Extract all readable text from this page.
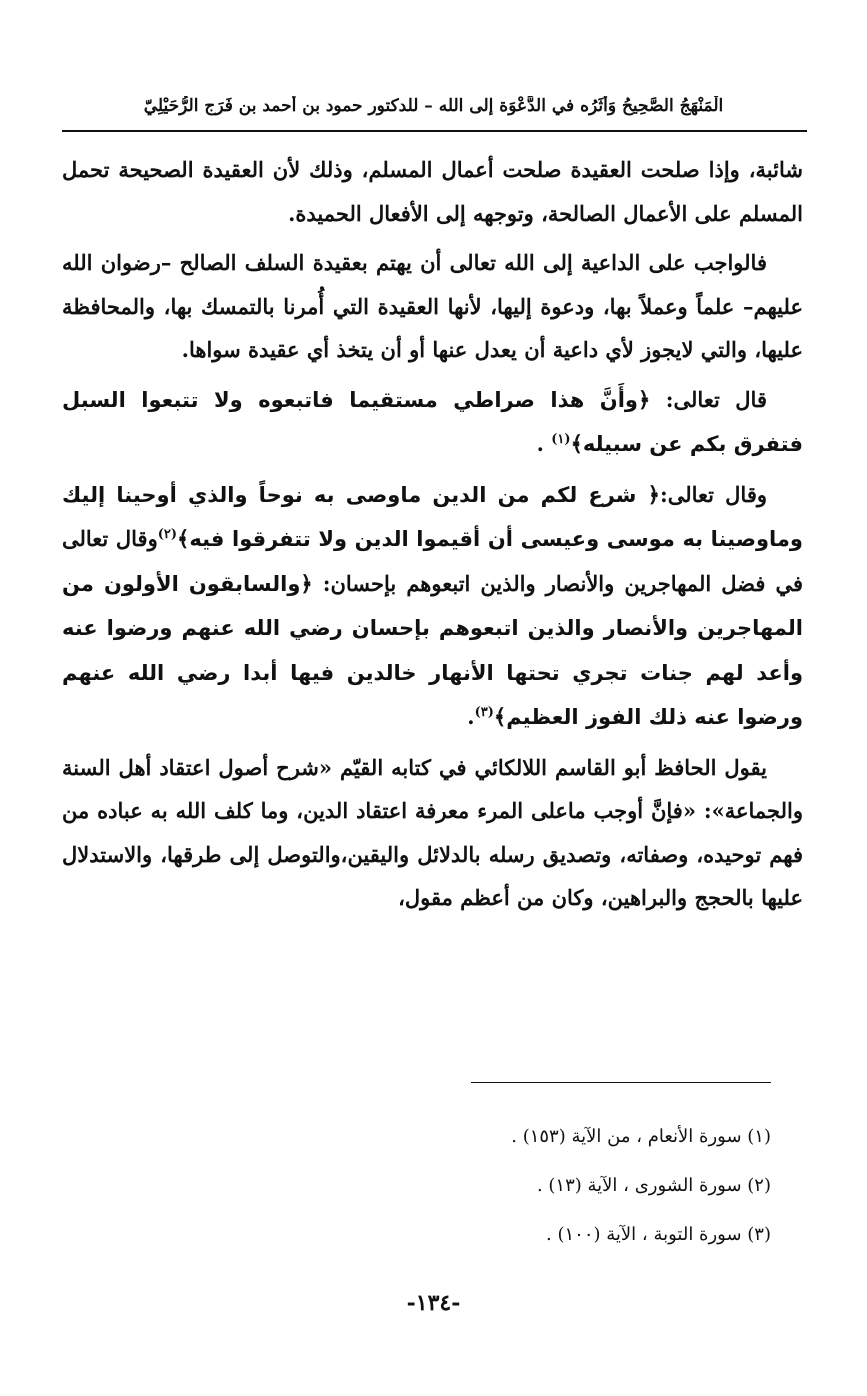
الْمَنْهَجُ الصَّحِيحُ وَأَثَرُه في الدَّعْوَة إلى الله – للدكتور حمود بن أحمد بن فَرَج الرُّحَيْلِيّ

شائبة، وإذا صلحت العقيدة صلحت أعمال المسلم، وذلك لأن العقيدة الصحيحة تحمل المسلم على الأعمال الصالحة، وتوجهه إلى الأفعال الحميدة.

فالواجب على الداعية إلى الله تعالى أن يهتم بعقيدة السلف الصالح –رضوان الله عليهم– علماً وعملاً بها، ودعوة إليها، لأنها العقيدة التي أُمرنا بالتمسك بها، والمحافظة عليها، والتي لايجوز لأي داعية أن يعدل عنها أو أن يتخذ أي عقيدة سواها.

قال تعالى: ﴿وأَنَّ هذا صراطي مستقيما فاتبعوه ولا تتبعوا السبل فتفرق بكم عن سبيله﴾$^{(١)}$ .

وقال تعالى:﴿ شرع لكم من الدين ماوصى به نوحاً والذي أوحينا إليك وماوصينا به موسى وعيسى أن أقيموا الدين ولا تتفرقوا فيه﴾$^{(٢)}$وقال تعالى في فضل المهاجرين والأنصار والذين اتبعوهم بإحسان: ﴿والسابقون الأولون من المهاجرين والأنصار والذين اتبعوهم بإحسان رضي الله عنهم ورضوا عنه وأعد لهم جنات تجري تحتها الأنهار خالدين فيها أبدا رضي الله عنهم ورضوا عنه ذلك الفوز العظيم﴾$^{(٣)}$.

يقول الحافظ أبو القاسم اللالكائي في كتابه القيّم «شرح أصول اعتقاد أهل السنة والجماعة»: «فإنَّ أوجب ماعلى المرء معرفة اعتقاد الدين، وما كلف الله به عباده من فهم توحيده، وصفاته، وتصديق رسله بالدلائل واليقين،والتوصل إلى طرقها، والاستدلال عليها بالحجج والبراهين، وكان من أعظم مقول،

(١) سورة الأنعام ، من الآية (١٥٣) .

(٢) سورة الشورى ، الآية (١٣) .

(٣) سورة التوبة ، الآية (١٠٠) .

-١٣٤-
